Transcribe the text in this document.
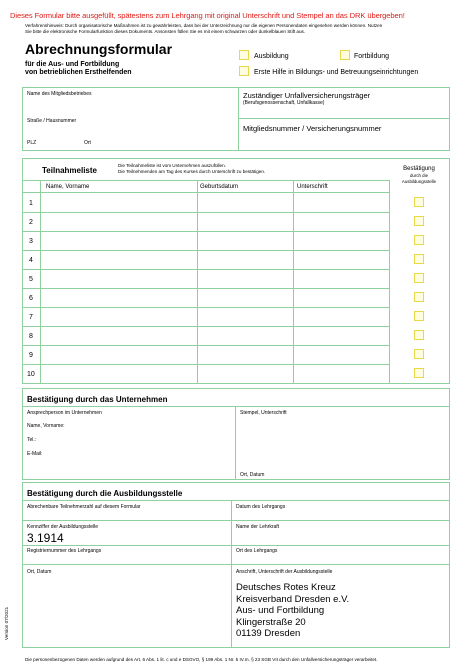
Dieses Formular bitte ausgefüllt, spätestens zum Lehrgang mit original Unterschrift und Stempel an das DRK übergeben!
Verfahrenshinweis: Durch organisatorische Maßnahmen ist zu gewährleisten, dass bei der Unterzeichnung nur die eigenen Personendaten eingesehen werden können. Nutzen
Sie bitte die elektronische Formularfunktion dieses Dokuments. Ansonsten füllen Sie es mit einem schwarzen oder dunkelblauen Stift aus.
Abrechnungsformular
für die Aus- und Fortbildung
von betrieblichen Ersthelfenden
Ausbildung	Fortbildung
Erste Hilfe in Bildungs- und Betreuungseinrichtungen
Name des Mitgliedsbetriebes
Straße / Hausnummer
PLZ	Ort
Zuständiger Unfallversicherungsträger
(Berufsgenossenschaft, Unfallkasse)
Mitgliedsnummer / Versicherungsnummer
Teilnahmeliste
Die Teilnahmeliste ist vom Unternehmen auszufüllen.
Die Teilnehmenden am Tag des Kurses durch Unterschrift zu bestätigen.	Bestätigung
durch die
Ausbildungsstelle
Name, Vorname	Geburtsdatum	Unterschrift
1
2
3
4
5
6
7
8
9
10
Bestätigung durch das Unternehmen
Ansprechperson im Unternehmen
Name, Vorname:
Tel.:
E-Mail:
Stempel, Unterschrift
Ort, Datum
Bestätigung durch die Ausbildungsstelle
Abrechenbare Teilnehmerzahl auf diesem Formular	Datum des Lehrgangs
Kennziffer der Ausbildungsstelle
3.1914
Name der Lehrkraft
Registriernummer des Lehrgangs	Ort des Lehrgangs
Ort, Datum	Anschrift, Unterschrift der Ausbildungsstelle
Deutsches Rotes Kreuz
Kreisverband Dresden e.V.
Aus- und Fortbildung
Klingerstraße 20
01139 Dresden
Version 07/2021
Die personenbezogenen Daten werden aufgrund des Art. 6 Abs. 1 lit. c und e DSGVO, § 199 Abs. 1 Nr. 5 IV.m. § 23 SGB VII durch den Unfallversicherungsträger verarbeitet.
